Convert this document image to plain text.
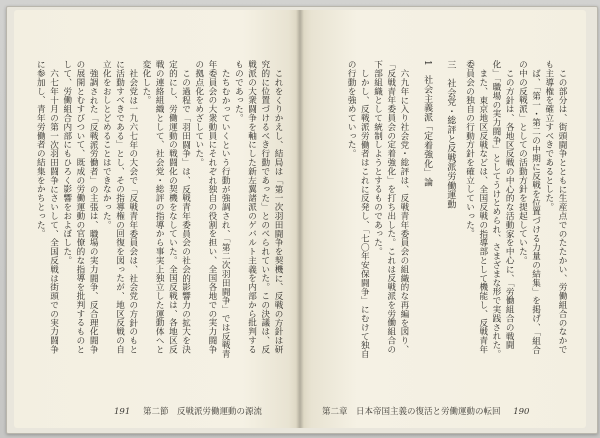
これをくりかえし、結局は「第一次羽田闘争を契機に、反戦の方針は研究的に位置づけるべき行動であった」とのべられていた。この決議は、反戦派の大衆闘争を軸にした新左翼諸派のゲバルト主義を内部から批判するものであった。

たちむかっていくという行動が強調され、「第二次羽田闘争」では反戦青年委員会の大衆動員にそれぞれ独自の役割を担い、全国各地での実力闘争の拠点化をめざしていた。

この過程で「羽田闘争」は、反戦青年委員会の社会的影響力の拡大を決定的にし、労働運動の戦闘化の契機をなしていた。全国反戦は、各地区反戦の連絡組織として、社会党・総評の指導から事実上独立した運動体へと変化した。

社会党は一九六七年の大会で「反戦青年委員会は、社会党の方針のもとに活動すべきである」とし、その指導権の回復を図ったが、地区反戦の自立化をおしとどめることはできなかった。

強調された「反戦派労働者」の主張は、職場の実力闘争、反合理化闘争の展開とむすびついて、既成の労働運動の官僚的な指導を批判するものとして、労働組合内部にもひろく影響をおよぼした。

六七年十月の第一次羽田闘争にさいして、全国反戦は街頭での実力闘争に参加し、青年労働者の結集をかちとった。

191 第二節　反戦派労働運動の源流

この部分は、街頭闘争とともに生産点でのたたかい、労働組合のなかでも主導権を確立すべきであるとした。

ば、「第一・第二の中期に反戦を位置づける力量の結集」を掲げ、「組合の中の反戦派」としての活動方針を提起していた。

この方針は、各地区反戦の中心的な活動家を中心に、「労働組合の戦闘化」「職場の実力闘争」としてうけとめられ、さまざまな形で実践された。

また、東京地区反戦などは、全国反戦の指導部として機能し、反戦青年委員会の独自の行動方針を確立していった。

三　社会党・総評と反戦派労働運動
1　社会主義派「定着強化」論

六九年に入り社会党・総評は、反戦青年委員会の組織的な再編を図り、「反戦青年委員会の定着強化」を打ち出した。これは反戦派を労働組合の下部組織として統制しようとするものであった。

しかし、反戦派労働者はこれに反発し、「七〇年安保闘争」にむけて独自の行動を強めていった。

第二章　日本帝国主義の復活と労働運動の転回 190
